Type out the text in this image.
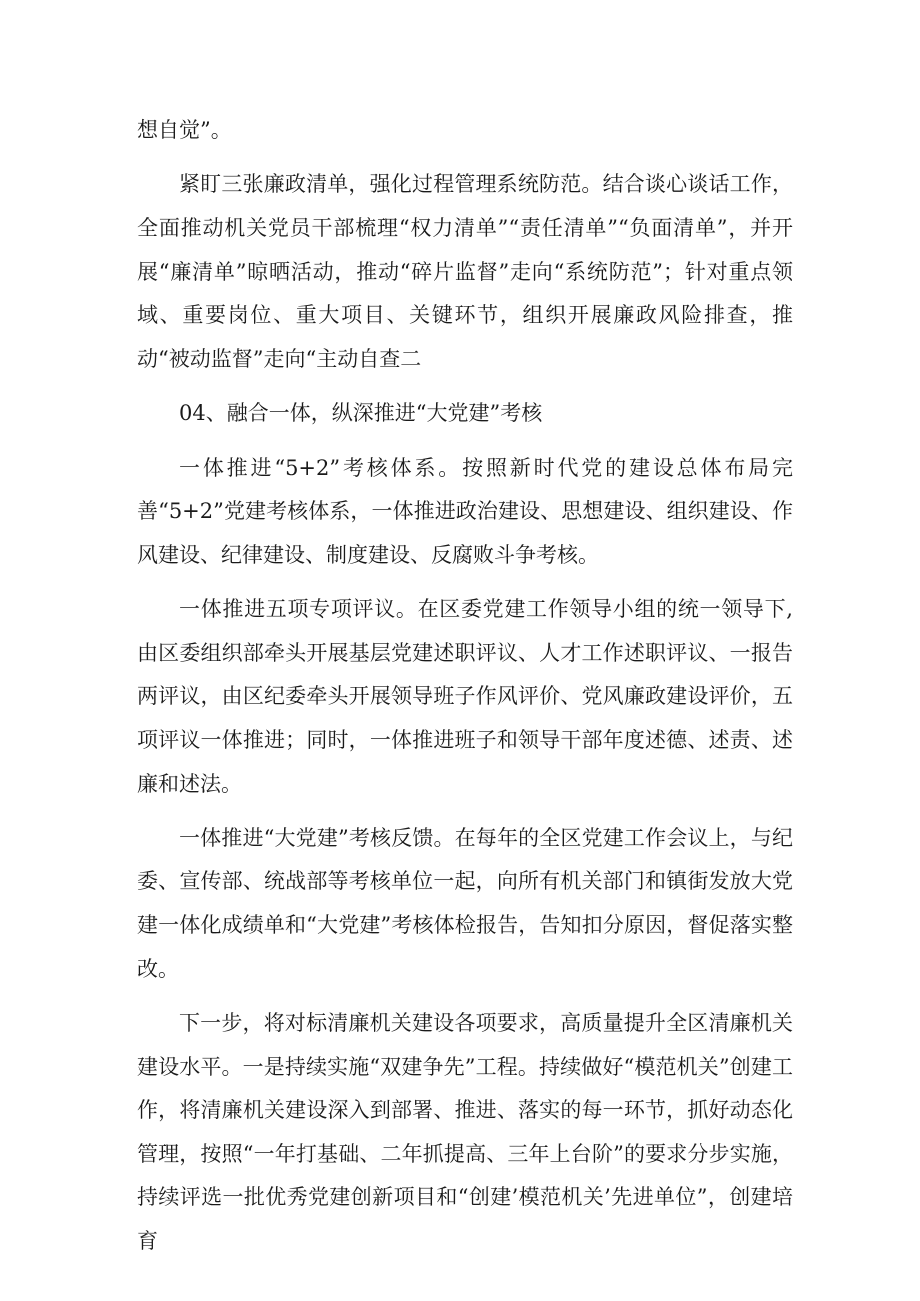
想自觉”。

紧盯三张廉政清单，强化过程管理系统防范。结合谈心谈话工作，全面推动机关党员干部梳理“权力清单”“责任清单”“负面清单”，并开展“廉清单”晾晒活动，推动“碎片监督”走向“系统防范”；针对重点领域、重要岗位、重大项目、关键环节，组织开展廉政风险排查，推动“被动监督”走向“主动自查二

04、融合一体，纵深推进“大党建”考核

一体推进“5+2”考核体系。按照新时代党的建设总体布局完善“5+2”党建考核体系，一体推进政治建设、思想建设、组织建设、作风建设、纪律建设、制度建设、反腐败斗争考核。

一体推进五项专项评议。在区委党建工作领导小组的统一领导下,由区委组织部牵头开展基层党建述职评议、人才工作述职评议、一报告两评议，由区纪委牵头开展领导班子作风评价、党风廉政建设评价，五项评议一体推进；同时，一体推进班子和领导干部年度述德、述责、述廉和述法。

一体推进“大党建”考核反馈。在每年的全区党建工作会议上，与纪委、宣传部、统战部等考核单位一起，向所有机关部门和镇街发放大党建一体化成绩单和“大党建”考核体检报告，告知扣分原因，督促落实整改。

下一步，将对标清廉机关建设各项要求，高质量提升全区清廉机关建设水平。一是持续实施“双建争先”工程。持续做好“模范机关”创建工作，将清廉机关建设深入到部署、推进、落实的每一环节，抓好动态化管理，按照“一年打基础、二年抓提高、三年上台阶”的要求分步实施，持续评选一批优秀党建创新项目和“创建’模范机关’先进单位”，创建培育
